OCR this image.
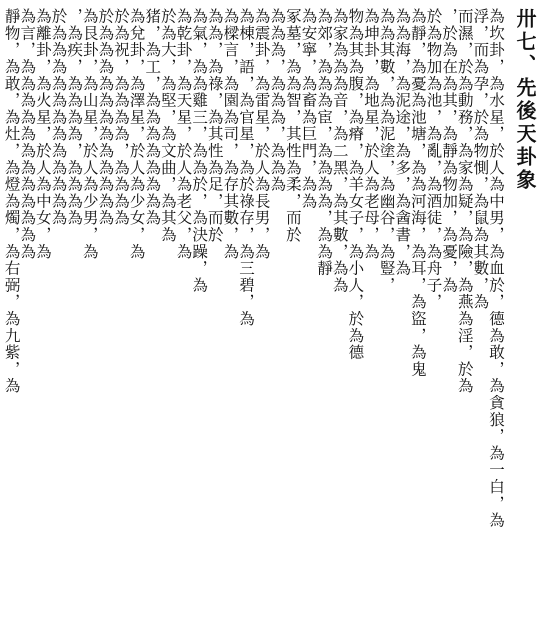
卅七、先後天卦象
為坎卦，為水星，於人為中男，為血於，德為敢，為貪狼，為一白，為
浮，而為孕，於為物惻，為鼠為其數，為
而濕，於為動務，為家為疑，為險，為燕為淫，於為
，於為在為其，為靜為物加，為憂，為
於為物加為池，為亂，為酒徒，為舟子，
為靜，為憂為池塘，為為河海，為耳，為盜，為鬼
為為海，為泥途，為多，為酓書，為
為為其數，為為泥塗，為幽谷，為豎，
為坤卦，為地星，於人為老母，為
物為其為腹，為瘠，為羊女子，為小人，於為德
為家為為為音，為二黑，為其數，為為
為郊，為為為宦，為為為為，為為靜
為安寧，為畜為巨門，為為
冢墓，為為智，其性為柔，而於
為為為，為為為，為為為
為震卦，為雷星，於人為長男，為
為棟，語，為官星，為於祿存，為三碧，為
為樑言，為園為司，為存其數，為
為為，為祿，為其性為足，而於
為氣，為為雞三，為為於，為決躁，為
為乾卦，為天星，於人為老父，為
於為大，為堅，為文曲，為其為
猪，為工，為為為為為為為為
為兌卦，為澤星，於人為少女，為
於為祝，為為為為，為為為為
於為為為為為為為為為為為為
為艮卦，為山星，於人為少男，為
，為疾，為為為為，為為為為
於為為為為為為為為為為為為
為離卦，為火星，於人為中女，為
為言，為為為為為為為為為為為為
靜物，為敢，為灶，為燈為燭，為右弼，為九紫，為
